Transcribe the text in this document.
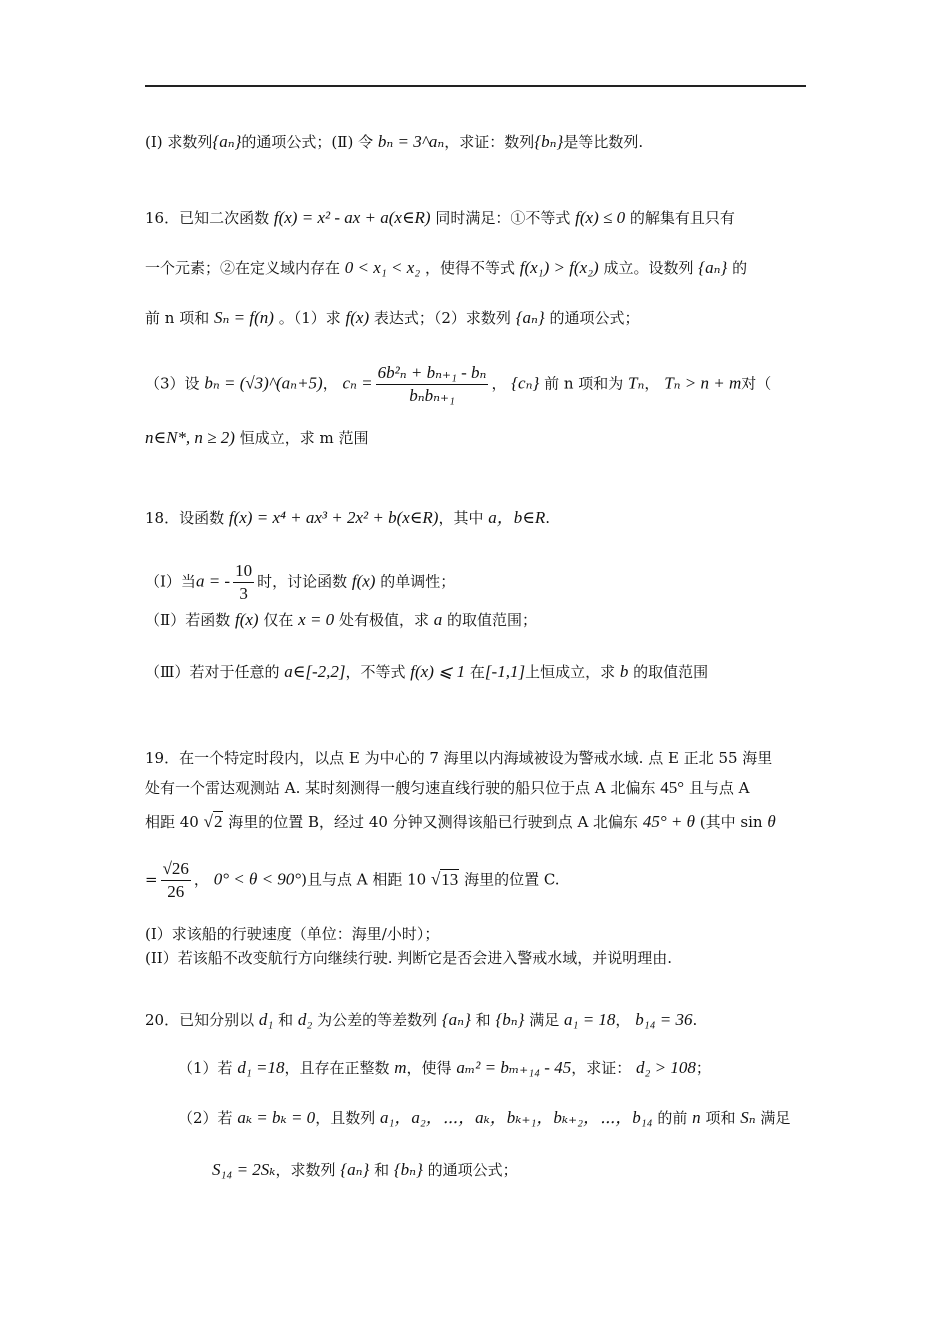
(Ⅰ) 求数列{aₙ}的通项公式；(Ⅱ) 令 bₙ = 3^aₙ，求证：数列{bₙ}是等比数列.
16．已知二次函数 f(x) = x² - ax + a(x∈R) 同时满足：①不等式 f(x) ≤ 0 的解集有且只有
一个元素；②在定义域内存在 0 < x₁ < x₂ ，使得不等式 f(x₁) > f(x₂) 成立。设数列 {aₙ} 的
前 n 项和 Sₙ = f(n) 。（1）求 f(x) 表达式；（2）求数列 {aₙ} 的通项公式；
（3）设 bₙ = (√3)^(aₙ+5)， $c_n = \frac{\text{6b²ₙ + bₙ₊₁ - bₙ}}{\text{bₙbₙ₊₁}}$ ， {cₙ} 前 n 项和为 Tₙ， Tₙ > n + m对（
n∈N*, n ≥ 2) 恒成立，求 m 范围
18．设函数 f(x) = x⁴ + ax³ + 2x² + b(x∈R)，其中 a，b∈R.
（Ⅰ）当a = - $\frac{10}{3}$ 时，讨论函数 f(x) 的单调性；
（Ⅱ）若函数 f(x) 仅在 x = 0 处有极值，求 a 的取值范围；
（Ⅲ）若对于任意的 a∈[-2,2]，不等式 f(x) ⩽ 1 在[-1,1]上恒成立，求 b 的取值范围
19．在一个特定时段内，以点 E 为中心的 7 海里以内海域被设为警戒水域. 点 E 正北 55 海里
处有一个雷达观测站 A. 某时刻测得一艘匀速直线行驶的船只位于点 A 北偏东 45° 且与点 A
相距 40 √2 海里的位置 B，经过 40 分钟又测得该船已行驶到点 A 北偏东 45° + θ (其中 sin θ
= $\frac{√26}{26}$ ， 0° < θ < 90°)且与点 A 相距 10 √13 海里的位置 C.
(I）求该船的行驶速度（单位：海里/小时）；
(II）若该船不改变航行方向继续行驶. 判断它是否会进入警戒水域，并说明理由.
20．已知分别以 d₁ 和 d₂ 为公差的等差数列 {aₙ} 和 {bₙ} 满足 a₁ = 18， b₁₄ = 36.
（1）若 d₁ =18，且存在正整数 m，使得 aₘ² = bₘ₊₁₄ - 45，求证： d₂ > 108；
（2）若 aₖ = bₖ = 0，且数列 a₁，a₂，⋯，aₖ，bₖ₊₁，bₖ₊₂，⋯，b₁₄ 的前 n 项和 Sₙ 满足
S₁₄ = 2Sₖ，求数列 {aₙ} 和 {bₙ} 的通项公式；
